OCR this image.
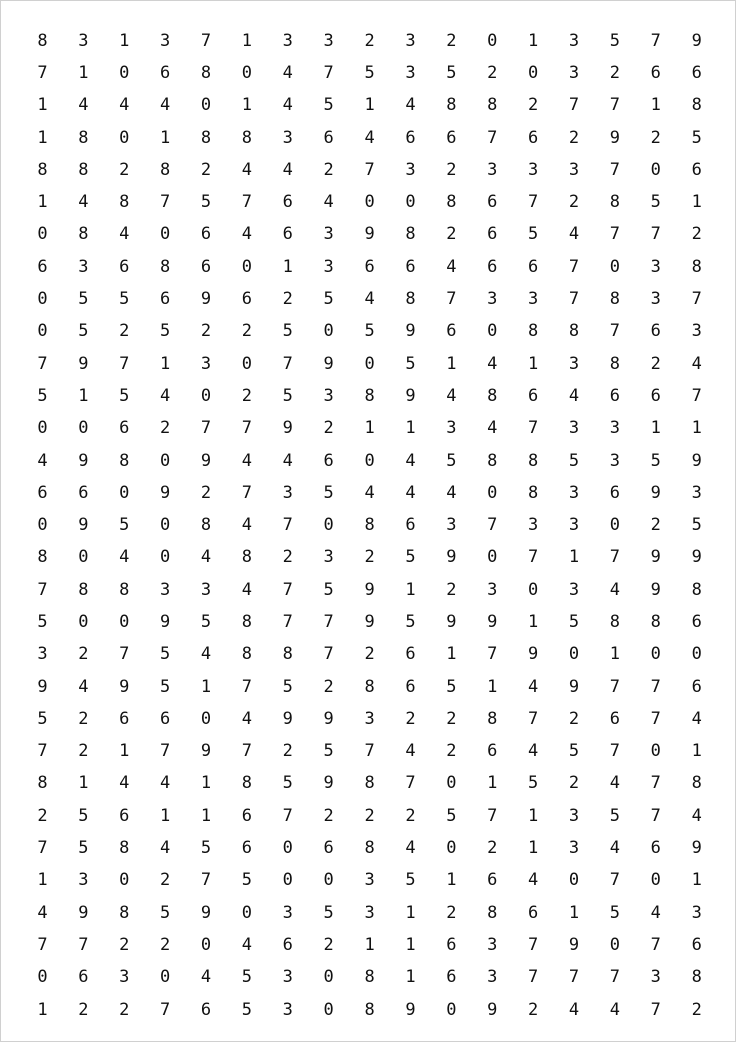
8	3	1	3	7	1	3	3	2	3	2	0	1	3	5	7	9
7	1	0	6	8	0	4	7	5	3	5	2	0	3	2	6	6
1	4	4	4	0	1	4	5	1	4	8	8	2	7	7	1	8
1	8	0	1	8	8	3	6	4	6	6	7	6	2	9	2	5
8	8	2	8	2	4	4	2	7	3	2	3	3	3	7	0	6
1	4	8	7	5	7	6	4	0	0	8	6	7	2	8	5	1
0	8	4	0	6	4	6	3	9	8	2	6	5	4	7	7	2
6	3	6	8	6	0	1	3	6	6	4	6	6	7	0	3	8
0	5	5	6	9	6	2	5	4	8	7	3	3	7	8	3	7
0	5	2	5	2	2	5	0	5	9	6	0	8	8	7	6	3
7	9	7	1	3	0	7	9	0	5	1	4	1	3	8	2	4
5	1	5	4	0	2	5	3	8	9	4	8	6	4	6	6	7
0	0	6	2	7	7	9	2	1	1	3	4	7	3	3	1	1
4	9	8	0	9	4	4	6	0	4	5	8	8	5	3	5	9
6	6	0	9	2	7	3	5	4	4	4	0	8	3	6	9	3
0	9	5	0	8	4	7	0	8	6	3	7	3	3	0	2	5
8	0	4	0	4	8	2	3	2	5	9	0	7	1	7	9	9
7	8	8	3	3	4	7	5	9	1	2	3	0	3	4	9	8
5	0	0	9	5	8	7	7	9	5	9	9	1	5	8	8	6
3	2	7	5	4	8	8	7	2	6	1	7	9	0	1	0	0
9	4	9	5	1	7	5	2	8	6	5	1	4	9	7	7	6
5	2	6	6	0	4	9	9	3	2	2	8	7	2	6	7	4
7	2	1	7	9	7	2	5	7	4	2	6	4	5	7	0	1
8	1	4	4	1	8	5	9	8	7	0	1	5	2	4	7	8
2	5	6	1	1	6	7	2	2	2	5	7	1	3	5	7	4
7	5	8	4	5	6	0	6	8	4	0	2	1	3	4	6	9
1	3	0	2	7	5	0	0	3	5	1	6	4	0	7	0	1
4	9	8	5	9	0	3	5	3	1	2	8	6	1	5	4	3
7	7	2	2	0	4	6	2	1	1	6	3	7	9	0	7	6
0	6	3	0	4	5	3	0	8	1	6	3	7	7	7	3	8
1	2	2	7	6	5	3	0	8	9	0	9	2	4	4	7	2
